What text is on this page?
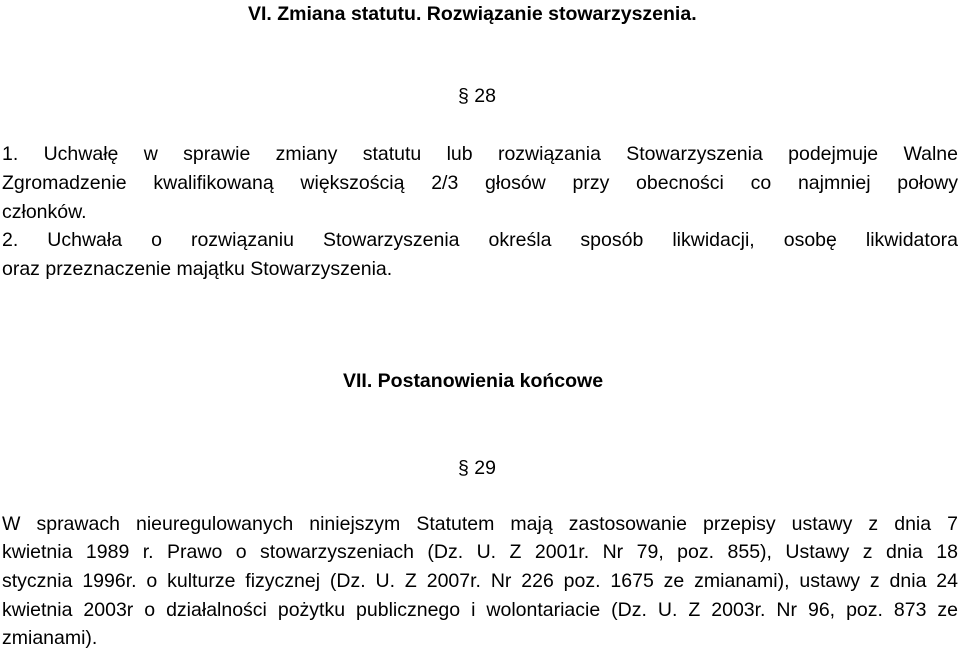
VI. Zmiana statutu. Rozwiązanie stowarzyszenia.
§ 28
1. Uchwałę w sprawie zmiany statutu lub rozwiązania Stowarzyszenia podejmuje Walne
Zgromadzenie kwalifikowaną większością 2/3 głosów przy obecności co najmniej połowy
członków.
2. Uchwała o rozwiązaniu Stowarzyszenia określa sposób likwidacji, osobę likwidatora
oraz przeznaczenie majątku Stowarzyszenia.
VII. Postanowienia końcowe
§ 29
W sprawach nieuregulowanych niniejszym Statutem mają zastosowanie przepisy ustawy z dnia 7
kwietnia 1989 r. Prawo o stowarzyszeniach (Dz. U. Z 2001r. Nr 79, poz. 855), Ustawy z dnia 18
stycznia 1996r. o kulturze fizycznej (Dz. U. Z 2007r. Nr 226 poz. 1675 ze zmianami), ustawy z dnia 24
kwietnia 2003r o działalności pożytku publicznego i wolontariacie (Dz. U. Z 2003r. Nr 96, poz. 873 ze
zmianami).
